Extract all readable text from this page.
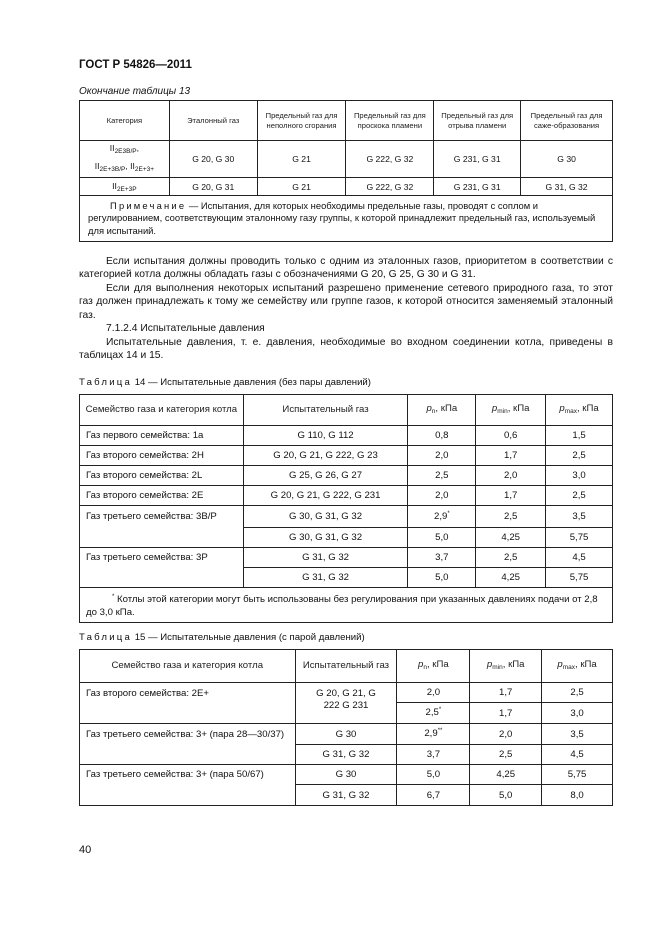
ГОСТ Р 54826—2011
Окончание таблицы 13
Категория	Эталонный газ	Предельный газ для неполного сгорания	Предельный газ для проскока пламени	Предельный газ для отрыва пламени	Предельный газ для саже-образования
$II_{2E3B/P}$,
$II_{2E+3B/P}$, $II_{2E+3+}$	G 20, G 30	G 21	G 222, G 32	G 231, G 31	G 30
$II_{2E+3P}$	G 20, G 31	G 21	G 222, G 32	G 231, G 31	G 31, G 32
Примечание — Испытания, для которых необходимы предельные газы, проводят с соплом и регулированием, соответствующим эталонному газу группы, к которой принадлежит предельный газ, используемый для испытаний.					
Если испытания должны проводить только с одним из эталонных газов, приоритетом в соответствии с категорией котла должны обладать газы с обозначениями G 20, G 25, G 30 и G 31.
Если для выполнения некоторых испытаний разрешено применение сетевого природного газа, то этот газ должен принадлежать к тому же семейству или группе газов, к которой относится заменяемый эталонный газ.
7.1.2.4 Испытательные давления
Испытательные давления, т. е. давления, необходимые во входном соединении котла, приведены в таблицах 14 и 15.
Таблица 14 — Испытательные давления (без пары давлений)
Семейство газа и категория котла	Испытательный газ	$p_n$, кПа	$p_{min}$, кПа	$p_{max}$, кПа
Газ первого семейства: 1а	G 110, G 112	0,8	0,6	1,5
Газ второго семейства: 2H	G 20, G 21, G 222, G 23	2,0	1,7	2,5
Газ второго семейства: 2L	G 25, G 26, G 27	2,5	2,0	3,0
Газ второго семейства: 2E	G 20, G 21, G 222, G 231	2,0	1,7	2,5
Газ третьего семейства: 3B/P	G 30, G 31, G 32	2,9*	2,5	3,5
	G 30, G 31, G 32	5,0	4,25	5,75
Газ третьего семейства: 3P	G 31, G 32	3,7	2,5	4,5
	G 31, G 32	5,0	4,25	5,75
* Котлы этой категории могут быть использованы без регулирования при указанных давлениях подачи от 2,8 до 3,0 кПа.				
Таблица 15 — Испытательные давления (с парой давлений)
Семейство газа и категория котла	Испытательный газ	$p_n$, кПа	$p_{min}$, кПа	$p_{max}$, кПа
Газ второго семейства: 2E+	G 20, G 21, G 222 G 231	2,0	1,7	2,5
		2,5*	1,7	3,0
Газ третьего семейства: 3+ (пара 28—30/37)	G 30	2,9**	2,0	3,5
	G 31, G 32	3,7	2,5	4,5
Газ третьего семейства: 3+ (пара 50/67)	G 30	5,0	4,25	5,75
	G 31, G 32	6,7	5,0	8,0
40
